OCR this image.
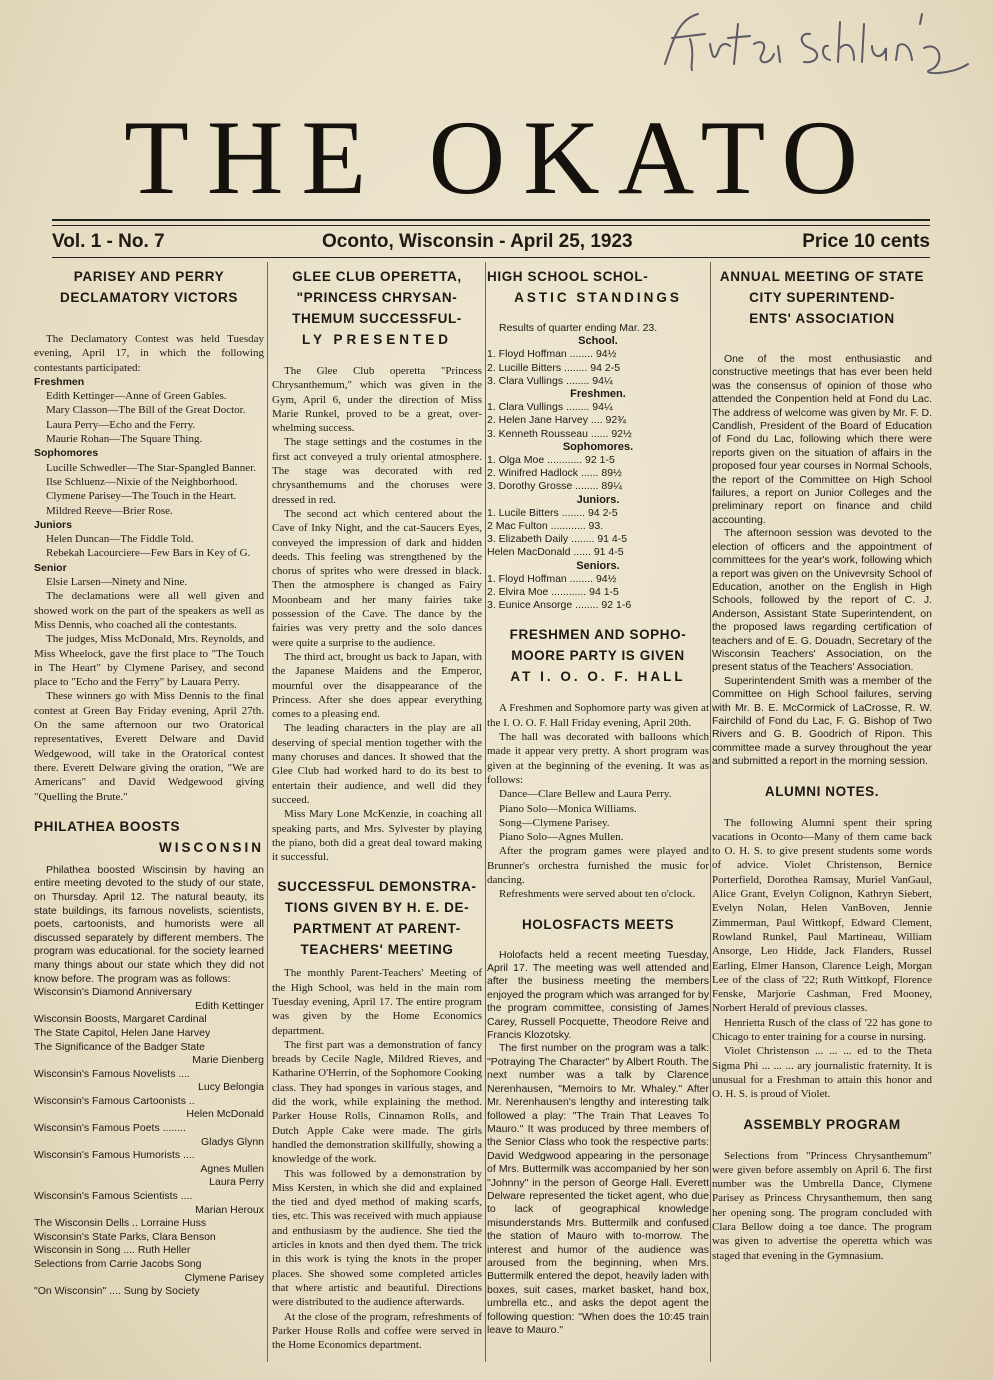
THE OKATO
Vol. 1 - No. 7	Oconto, Wisconsin - April 25, 1923	Price 10 cents
PARISEY AND PERRY
DECLAMATORY VICTORS

The Declamatory Contest was held Tuesday evening, April 17, in which the following contestants participated:

Freshmen

Edith Kettinger—Anne of Green Gables.

Mary Classon—The Bill of the Great Doctor.

Laura Perry—Echo and the Ferry.

Maurie Rohan—The Square Thing.

Sophomores

Lucille Schwedler—The Star-Spangled Banner.

Ilse Schluenz—Nixie of the Neighborhood.

Clymene Parisey—The Touch in the Heart.

Mildred Reeve—Brier Rose.

Juniors

Helen Duncan—The Fiddle Told.

Rebekah Lacourciere—Few Bars in Key of G.

Senior

Elsie Larsen—Ninety and Nine.

The declamations were all well given and showed work on the part of the speakers as well as Miss Dennis, who coached all the contestants.

The judges, Miss McDonald, Mrs. Reynolds, and Miss Wheelock, gave the first place to "The Touch in The Heart" by Clymene Parisey, and second place to "Echo and the Ferry" by Lauara Perry.

These winners go with Miss Dennis to the final contest at Green Bay Friday evening, April 27th. On the same afternoon our two Oratorical representatives, Everett Delware and David Wedgewood, will take in the Oratorical contest there. Everett Delware giving the oration, "We are Americans" and David Wedgewood giving "Quelling the Brute."

PHILATHEA BOOSTS
WISCONSIN

Philathea boosted Wiscinsin by having an entire meeting devoted to the study of our state, on Thursday. April 12. The natural beauty, its state buildings, its famous novelists, scientists, poets, cartoonists, and humorists were all discussed separately by different members. The program was educational. for the society learned many things about our state which they did not know before. The program was as follows:

Wisconsin's Diamond Anniversary

Edith Kettinger

Wisconsin Boosts, Margaret Cardinal

The State Capitol, Helen Jane Harvey

The Significance of the Badger State

Marie Dienberg

Wisconsin's Famous Novelists ....

Lucy Belongia

Wisconsin's Famous Cartoonists ..

Helen McDonald

Wisconsin's Famous Poets ........

Gladys Glynn

Wisconsin's Famous Humorists ....

Agnes Mullen

Laura Perry

Wisconsin's Famous Scientists ....

Marian Heroux

The Wisconsin Dells .. Lorraine Huss

Wisconsin's State Parks, Clara Benson

Wisconsin in Song .... Ruth Heller

Selections from Carrie Jacobs Song

Clymene Parisey

"On Wisconsin" .... Sung by Society

GLEE CLUB OPERETTA,
"PRINCESS CHRYSAN-
THEMUM SUCCESSFUL-
LY PRESENTED

The Glee Club operetta "Princess Chrysanthemum," which was given in the Gym, April 6, under the direction of Miss Marie Runkel, proved to be a great, over-whelming success.

The stage settings and the costumes in the first act conveyed a truly oriental atmosphere. The stage was decorated with red chrysanthemums and the choruses were dressed in red.

The second act which centered about the Cave of Inky Night, and the cat-Saucers Eyes, conveyed the impression of dark and hidden deeds. This feeling was strengthened by the chorus of sprites who were dressed in black. Then the atmosphere is changed as Fairy Moonbeam and her many fairies take possession of the Cave. The dance by the fairies was very pretty and the solo dances were quite a surprise to the audience.

The third act, brought us back to Japan, with the Japanese Maidens and the Emperor, mournful over the disappearance of the Princess. After she does appear everything comes to a pleasing end.

The leading characters in the play are all deserving of special mention together with the many choruses and dances. It showed that the Glee Club had worked hard to do its best to entertain their audience, and well did they succeed.

Miss Mary Lone McKenzie, in coaching all speaking parts, and Mrs. Sylvester by playing the piano, both did a great deal toward making it successful.

SUCCESSFUL DEMONSTRA-
TIONS GIVEN BY H. E. DE-
PARTMENT AT PARENT-
TEACHERS' MEETING

The monthly Parent-Teachers' Meeting of the High School, was held in the main rom Tuesday evening, April 17. The entire program was given by the Home Economics department.

The first part was a demonstration of fancy breads by Cecile Nagle, Mildred Rieves, and Katharine O'Herrin, of the Sophomore Cooking class. They had sponges in various stages, and did the work, while explaining the method. Parker House Rolls, Cinnamon Rolls, and Dutch Apple Cake were made. The girls handled the demonstration skillfully, showing a knowledge of the work.

This was followed by a demonstration by Miss Kersten, in which she did and explained the tied and dyed method of making scarfs, ties, etc. This was received with much appiause and enthusiasm by the audience. She tied the articles in knots and then dyed them. The trick in this work is tying the knots in the proper places. She showed some completed articles that where artistic and beautiful. Directions were distributed to the audience afterwards.

At the close of the program, refreshments of Parker House Rolls and coffee were served in the Home Economics department.

HIGH SCHOOL SCHOL-
ASTIC STANDINGS

Results of quarter ending Mar. 23.

School.

1. Floyd Hoffman ........ 94½

2. Lucille Bitters ........ 94 2-5

3. Clara Vullings ........ 94¼

Freshmen.

1. Clara Vullings ........ 94¼

2. Helen Jane Harvey .... 92¾

3. Kenneth Rousseau ...... 92½

Sophomores.

1. Olga Moe ............ 92 1-5

2. Winifred Hadlock ...... 89½

3. Dorothy Grosse ........ 89¼

Juniors.

1. Lucile Bitters ........ 94 2-5

2 Mac Fulton ............ 93.

3. Elizabeth Daily ........ 91 4-5

Helen MacDonald ...... 91 4-5

Seniors.

1. Floyd Hoffman ........ 94½

2. Elvira Moe ............ 94 1-5

3. Eunice Ansorge ........ 92 1-6

FRESHMEN AND SOPHO-
MOORE PARTY IS GIVEN
AT I. O. O. F. HALL

A Freshmen and Sophomore party was given at the I. O. O. F. Hall Friday evening, April 20th.

The hall was decorated with balloons which made it appear very pretty. A short program was given at the beginning of the evening. It was as follows:

Dance—Clare Bellew and Laura Perry.

Piano Solo—Monica Williams.

Song—Clymene Parisey.

Piano Solo—Agnes Mullen.

After the program games were played and Brunner's orchestra furnished the music for dancing.

Refreshments were served about ten o'clock.

HOLOSFACTS MEETS

Holofacts held a recent meeting Tuesday, April 17. The meeting was well attended and after the business meeting the members enjoyed the program which was arranged for by the program committee, consisting of James Carey, Russell Pocquette, Theodore Reive and Francis Klozotsky.

The first number on the program was a talk: "Potraying The Character" by Albert Routh. The next number was a talk by Clarence Nerenhausen, "Memoirs to Mr. Whaley." After Mr. Nerenhausen's lengthy and interesting talk followed a play: "The Train That Leaves To Mauro." It was produced by three members of the Senior Class who took the respective parts: David Wedgwood appearing in the personage of Mrs. Buttermilk was accompanied by her son "Johnny" in the person of George Hall. Everett Delware represented the ticket agent, who due to lack of geographical knowledge misunderstands Mrs. Buttermilk and confused the station of Mauro with to-morrow. The interest and humor of the audience was aroused from the beginning, when Mrs. Buttermilk entered the depot, heavily laden with boxes, suit cases, market basket, hand box, umbrella etc., and asks the depot agent the following question: "When does the 10:45 train leave to Mauro."

ANNUAL MEETING OF STATE
CITY SUPERINTEND-
ENTS' ASSOCIATION

One of the most enthusiastic and constructive meetings that has ever been held was the consensus of opinion of those who attended the Conpention held at Fond du Lac. The address of welcome was given by Mr. F. D. Candlish, President of the Board of Education of Fond du Lac, following which there were reports given on the situation of affairs in the proposed four year courses in Normal Schools, the report of the Committee on High School failures, a report on Junior Colleges and the preliminary report on finance and child accounting.

The afternoon session was devoted to the election of officers and the appointment of committees for the year's work, following which a report was given on the Univevrsity School of Education, another on the English in High Schools, followed by the report of C. J. Anderson, Assistant State Superintendent, on the proposed laws regarding certification of teachers and of E. G. Douadn, Secretary of the Wisconsin Teachers' Association, on the present status of the Teachers' Association.

Superintendent Smith was a member of the Committee on High School failures, serving with Mr. B. E. McCormick of LaCrosse, R. W. Fairchild of Fond du Lac, F. G. Bishop of Two Rivers and G. B. Goodrich of Ripon. This committee made a survey throughout the year and submitted a report in the morning session.

ALUMNI NOTES.

The following Alumni spent their spring vacations in Oconto—Many of them came back to O. H. S. to give present students some words of advice. Violet Christenson, Bernice Porterfield, Dorothea Ramsay, Muriel VanGaul, Alice Grant, Evelyn Colignon, Kathryn Siebert, Evelyn Nolan, Helen VanBoven, Jennie Zimmerman, Paul Wittkopf, Edward Clement, Rowland Runkel, Paul Martineau, William Ansorge, Leo Hidde, Jack Flanders, Russel Earling, Elmer Hanson, Clarence Leigh, Morgan Lee of the class of '22; Ruth Wittkopf, Florence Fenske, Marjorie Cashman, Fred Mooney, Norbert Herald of previous classes.

Henrietta Rusch of the class of '22 has gone to Chicago to enter training for a course in nursing.

Violet Christenson ... ... ... ed to the Theta Sigma Phi ... ... ... ary journalistic fraternity. It is unusual for a Freshman to attain this honor and O. H. S. is proud of Violet.

ASSEMBLY PROGRAM

Selections from "Princess Chrysanthemum" were given before assembly on April 6. The first number was the Umbrella Dance, Clymene Parisey as Princess Chrysanthemum, then sang her opening song. The program concluded with Clara Bellow doing a toe dance. The program was given to advertise the operetta which was staged that evening in the Gymnasium.
